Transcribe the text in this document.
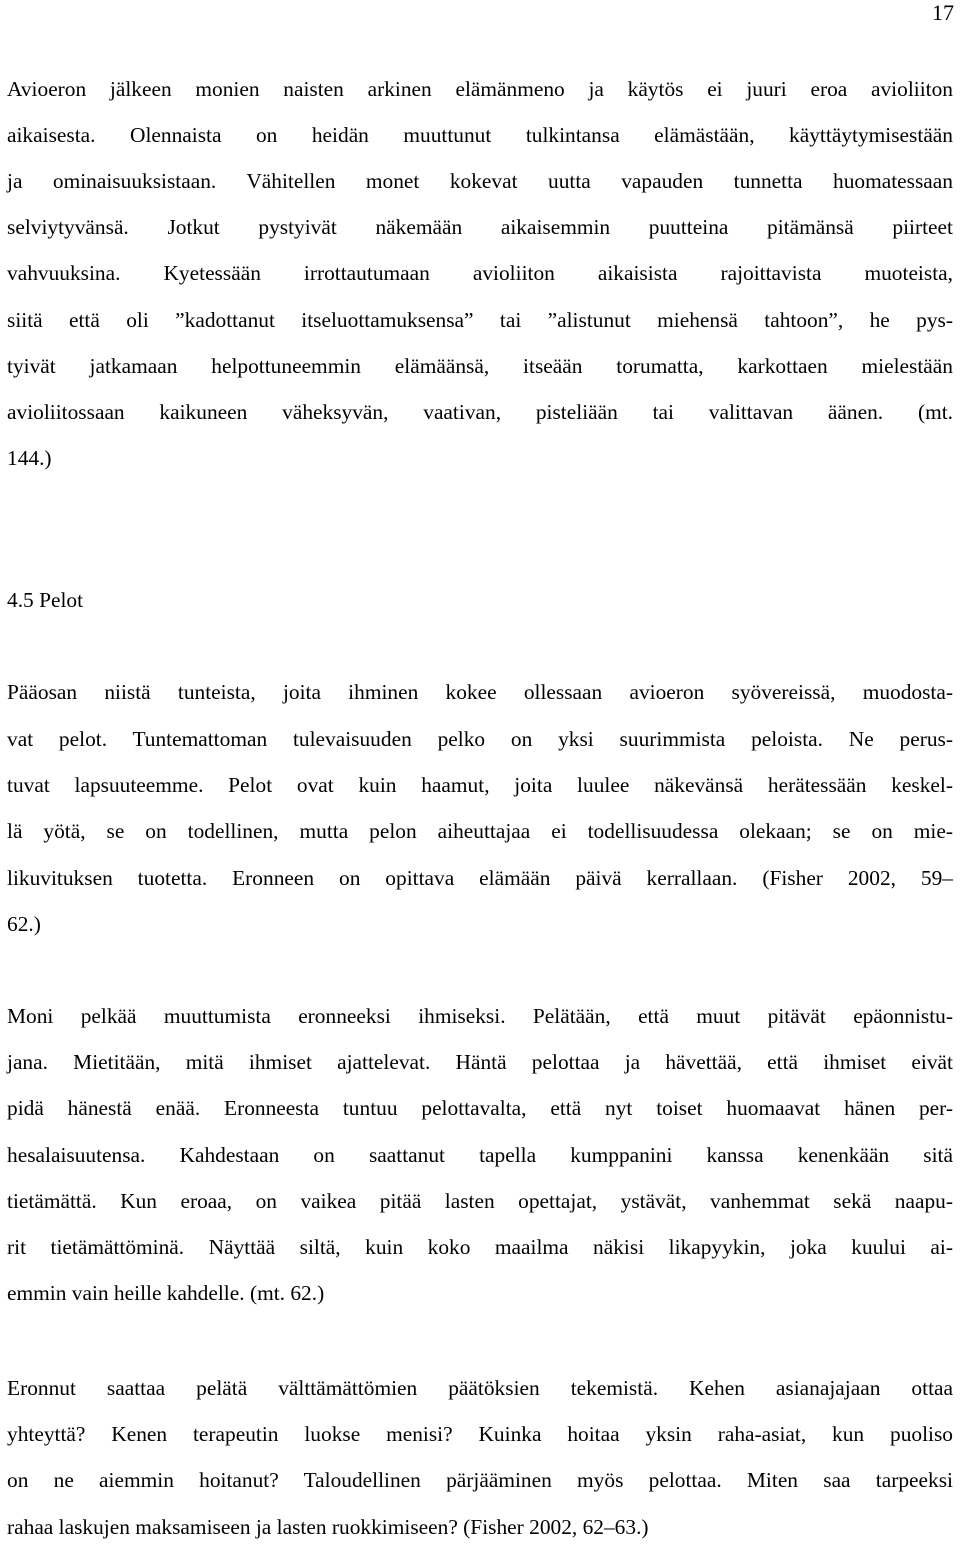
17
Avioeron jälkeen monien naisten arkinen elämänmeno ja käytös ei juuri eroa avioliiton
aikaisesta. Olennaista on heidän muuttunut tulkintansa elämästään, käyttäytymisestään
ja ominaisuuksistaan. Vähitellen monet kokevat uutta vapauden tunnetta huomatessaan
selviytyvänsä. Jotkut pystyivät näkemään aikaisemmin puutteina pitämänsä piirteet
vahvuuksina. Kyetessään irrottautumaan avioliiton aikaisista rajoittavista muoteista,
siitä että oli ”kadottanut itseluottamuksensa” tai ”alistunut miehensä tahtoon”, he pys-
tyivät jatkamaan helpottuneemmin elämäänsä, itseään torumatta, karkottaen mielestään
avioliitossaan kaikuneen väheksyvän, vaativan, pisteliään tai valittavan äänen. (mt.
144.)
4.5 Pelot
Pääosan niistä tunteista, joita ihminen kokee ollessaan avioeron syövereissä, muodosta-
vat pelot. Tuntemattoman tulevaisuuden pelko on yksi suurimmista peloista. Ne perus-
tuvat lapsuuteemme. Pelot ovat kuin haamut, joita luulee näkevänsä herätessään keskel-
lä yötä, se on todellinen, mutta pelon aiheuttajaa ei todellisuudessa olekaan; se on mie-
likuvituksen tuotetta. Eronneen on opittava elämään päivä kerrallaan. (Fisher 2002, 59–
62.)
Moni pelkää muuttumista eronneeksi ihmiseksi. Pelätään, että muut pitävät epäonnistu-
jana. Mietitään, mitä ihmiset ajattelevat. Häntä pelottaa ja hävettää, että ihmiset eivät
pidä hänestä enää. Eronneesta tuntuu pelottavalta, että nyt toiset huomaavat hänen per-
hesalaisuutensa. Kahdestaan on saattanut tapella kumppanini kanssa kenenkään sitä
tietämättä. Kun eroaa, on vaikea pitää lasten opettajat, ystävät, vanhemmat sekä naapu-
rit tietämättöminä. Näyttää siltä, kuin koko maailma näkisi likapyykin, joka kuului ai-
emmin vain heille kahdelle. (mt. 62.)
Eronnut saattaa pelätä välttämättömien päätöksien tekemistä. Kehen asianajajaan ottaa
yhteyttä? Kenen terapeutin luokse menisi? Kuinka hoitaa yksin raha-asiat, kun puoliso
on ne aiemmin hoitanut? Taloudellinen pärjääminen myös pelottaa. Miten saa tarpeeksi
rahaa laskujen maksamiseen ja lasten ruokkimiseen? (Fisher 2002, 62–63.)
